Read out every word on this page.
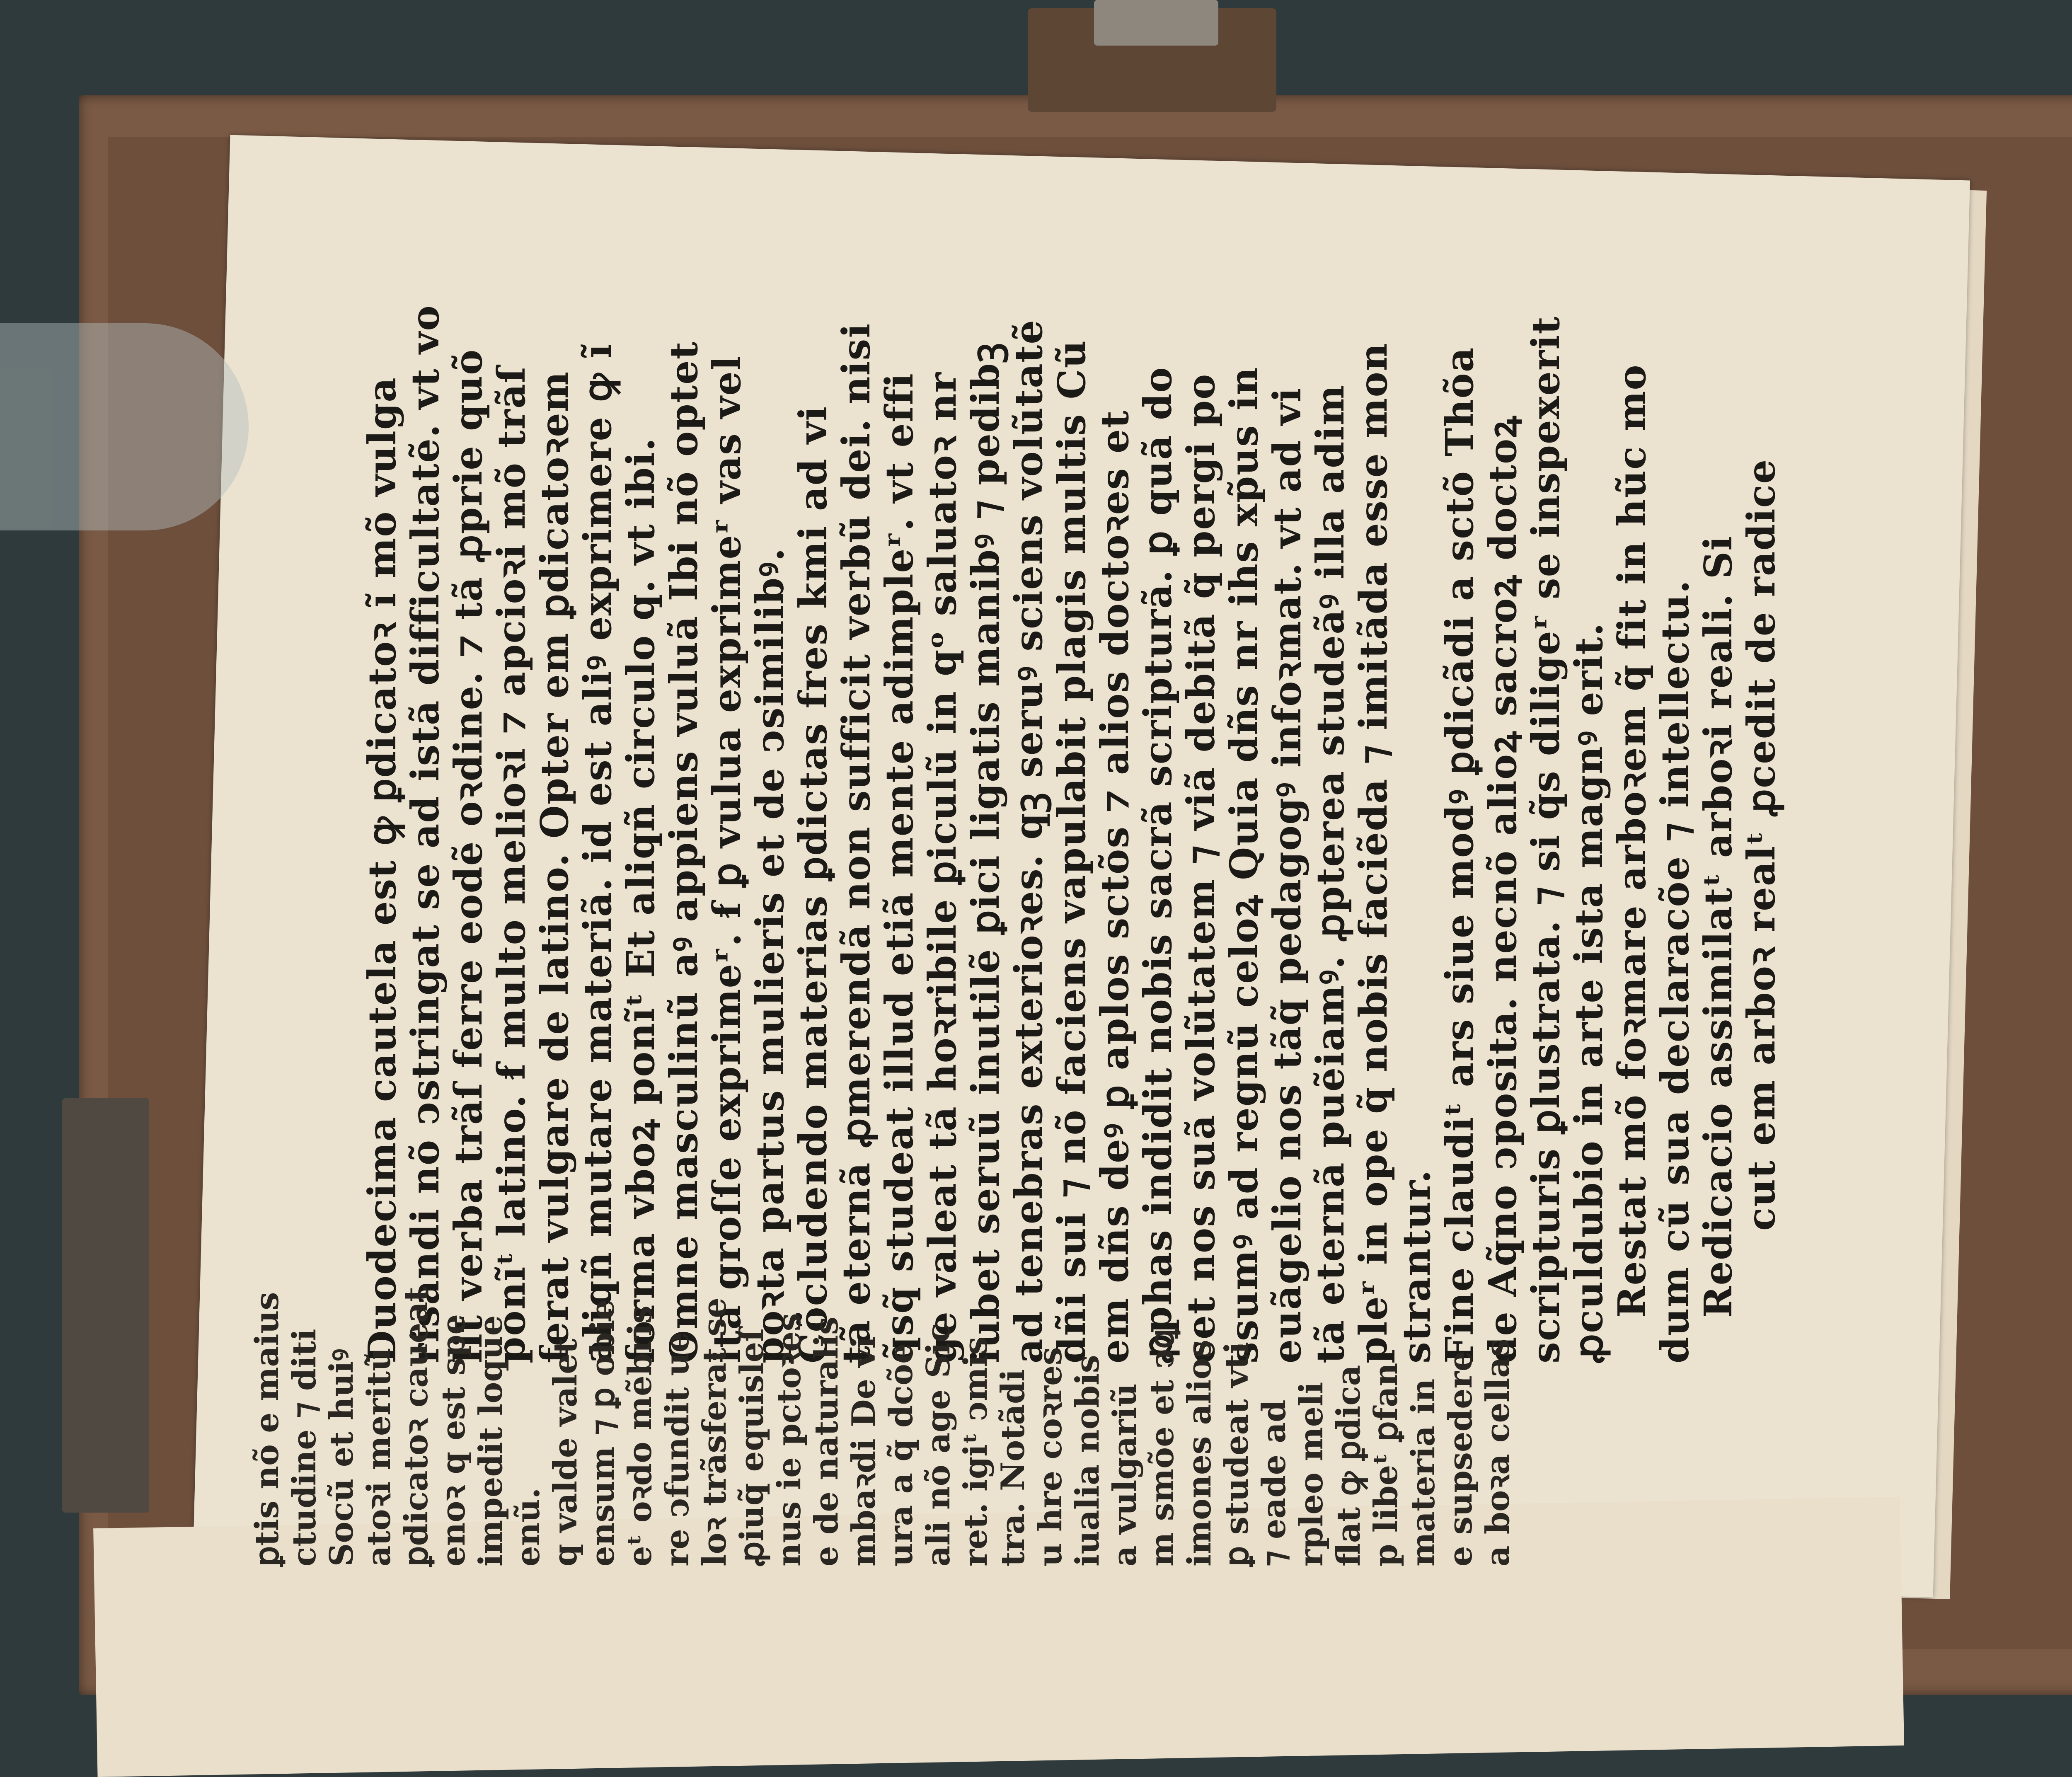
Duodecima cautela est ꝙ ꝑdicatoꝛ ĩ mõ vulga
risandi nõ ↄstringat se ad istã difficultatẽ. vt vo
lit verba trãſ ferre eodẽ oꝛdine. ⁊ tã ꝓprie quõ
ponĩᵗ latino. ẜ multo melioꝛi ⁊ apcioꝛi mõ trãſ
ferat vulgare de latino. Opter em ꝑdicatoꝛem
aliqñ mutare materiã. id est aliꝰ exprimere ꝙ ĩ
forma vboꝝ ponĩᵗ Et aliqñ circulo q. vt ibi.
Omne masculinũ aꝰ appiens vuluã Ibi nõ optet
ita groſſe exprimeʳ. ẜ ꝑ vulua exprimeʳ vas vel
poꝛta partus mulieris et de ↄsimilibꝰ.
Cõcludendo materias ꝑdictas fres kmi ad vi
tã eternã ꝓmerendã non sufficit verbũ dei. nisi
q̃sq̃ studeat illud etiã mente adimpleʳ. vt effi
ge valeat tã hoꝛribile ꝑiculũ in qᵒ saluatoꝛ nr
iubet seruũ inutilẽ ꝑici ligatis manibꝰ ⁊ pedibꝫ
ad tenebras exterioꝛes. qꝫ seruꝰ sciens volũtatẽ
dñi sui ⁊ nõ faciens vapulabit plagis multis Cũ
em dñs deꝰ ꝑ aplos sctõs ⁊ alios doctoꝛes et
ꝓphas indidit nobis sacrã scripturã. ꝑ quã do
cet nos suã volũtatem ⁊ viã debitã q̃ pergi po
ssumꝰ ad regnũ celoꝝ Quia dñs nr ihs xp̃us in
euãgelio nos tãq̃ pedagogꝰ infoꝛmat. vt ad vi
tã eternã puẽiamꝰ. ꝓpterea studeãꝰ illa adim
pleʳ in ope q̃ nobis faciẽda ⁊ imitãda esse mon
strantur.
Fine claudiᵗ ars siue modꝰ ꝑdicãdi a sctõ Thõa
de Aq̃no ↄposita. necnõ alioꝝ sacroꝝ doctoꝝ
scripturis ꝑlustrata. ⁊ si q̃s diligeʳ se inspexerit
ꝓculdubio in arte ista magnꝰ erit.
Restat mõ foꝛmare arboꝛem q̃ fit in hũc mo
dum cũ sua declaracõe ⁊ intellectu.
Redicacio assimilatᵗ arboꝛi reali. Si
cut em arboꝛ realᵗ ꝓcedit de radice
ꝑtis nõ e maius ctudine ⁊ diti Socũ et huiꝰ atoꝛi meritũ ꝑdicatoꝛ caueat enoꝛ q est spe impedit loque enũ. q valde valet ensum ⁊ ꝑ obie eᵗ oꝛdo mẽbris re ↄfundit ue loꝛ trãsferat se ꝓiuq̃ equisleſ nus ie pctoꝛes e de naturalis mbaꝛdi De vi ura a q̃ dcõe ali nõ age Sic ret. igiᵗ ↄmis tra. Notãdi u hre coꝛres iualia nobis a vulgariũ m smõe et ↄꝗ imones alios ꝑ studeat vti ⁊ eade ad rpleo meli flat ꝙ ꝑdica p libeᵗ ꝑfan materia in e supsedere a boꝛa cellas
